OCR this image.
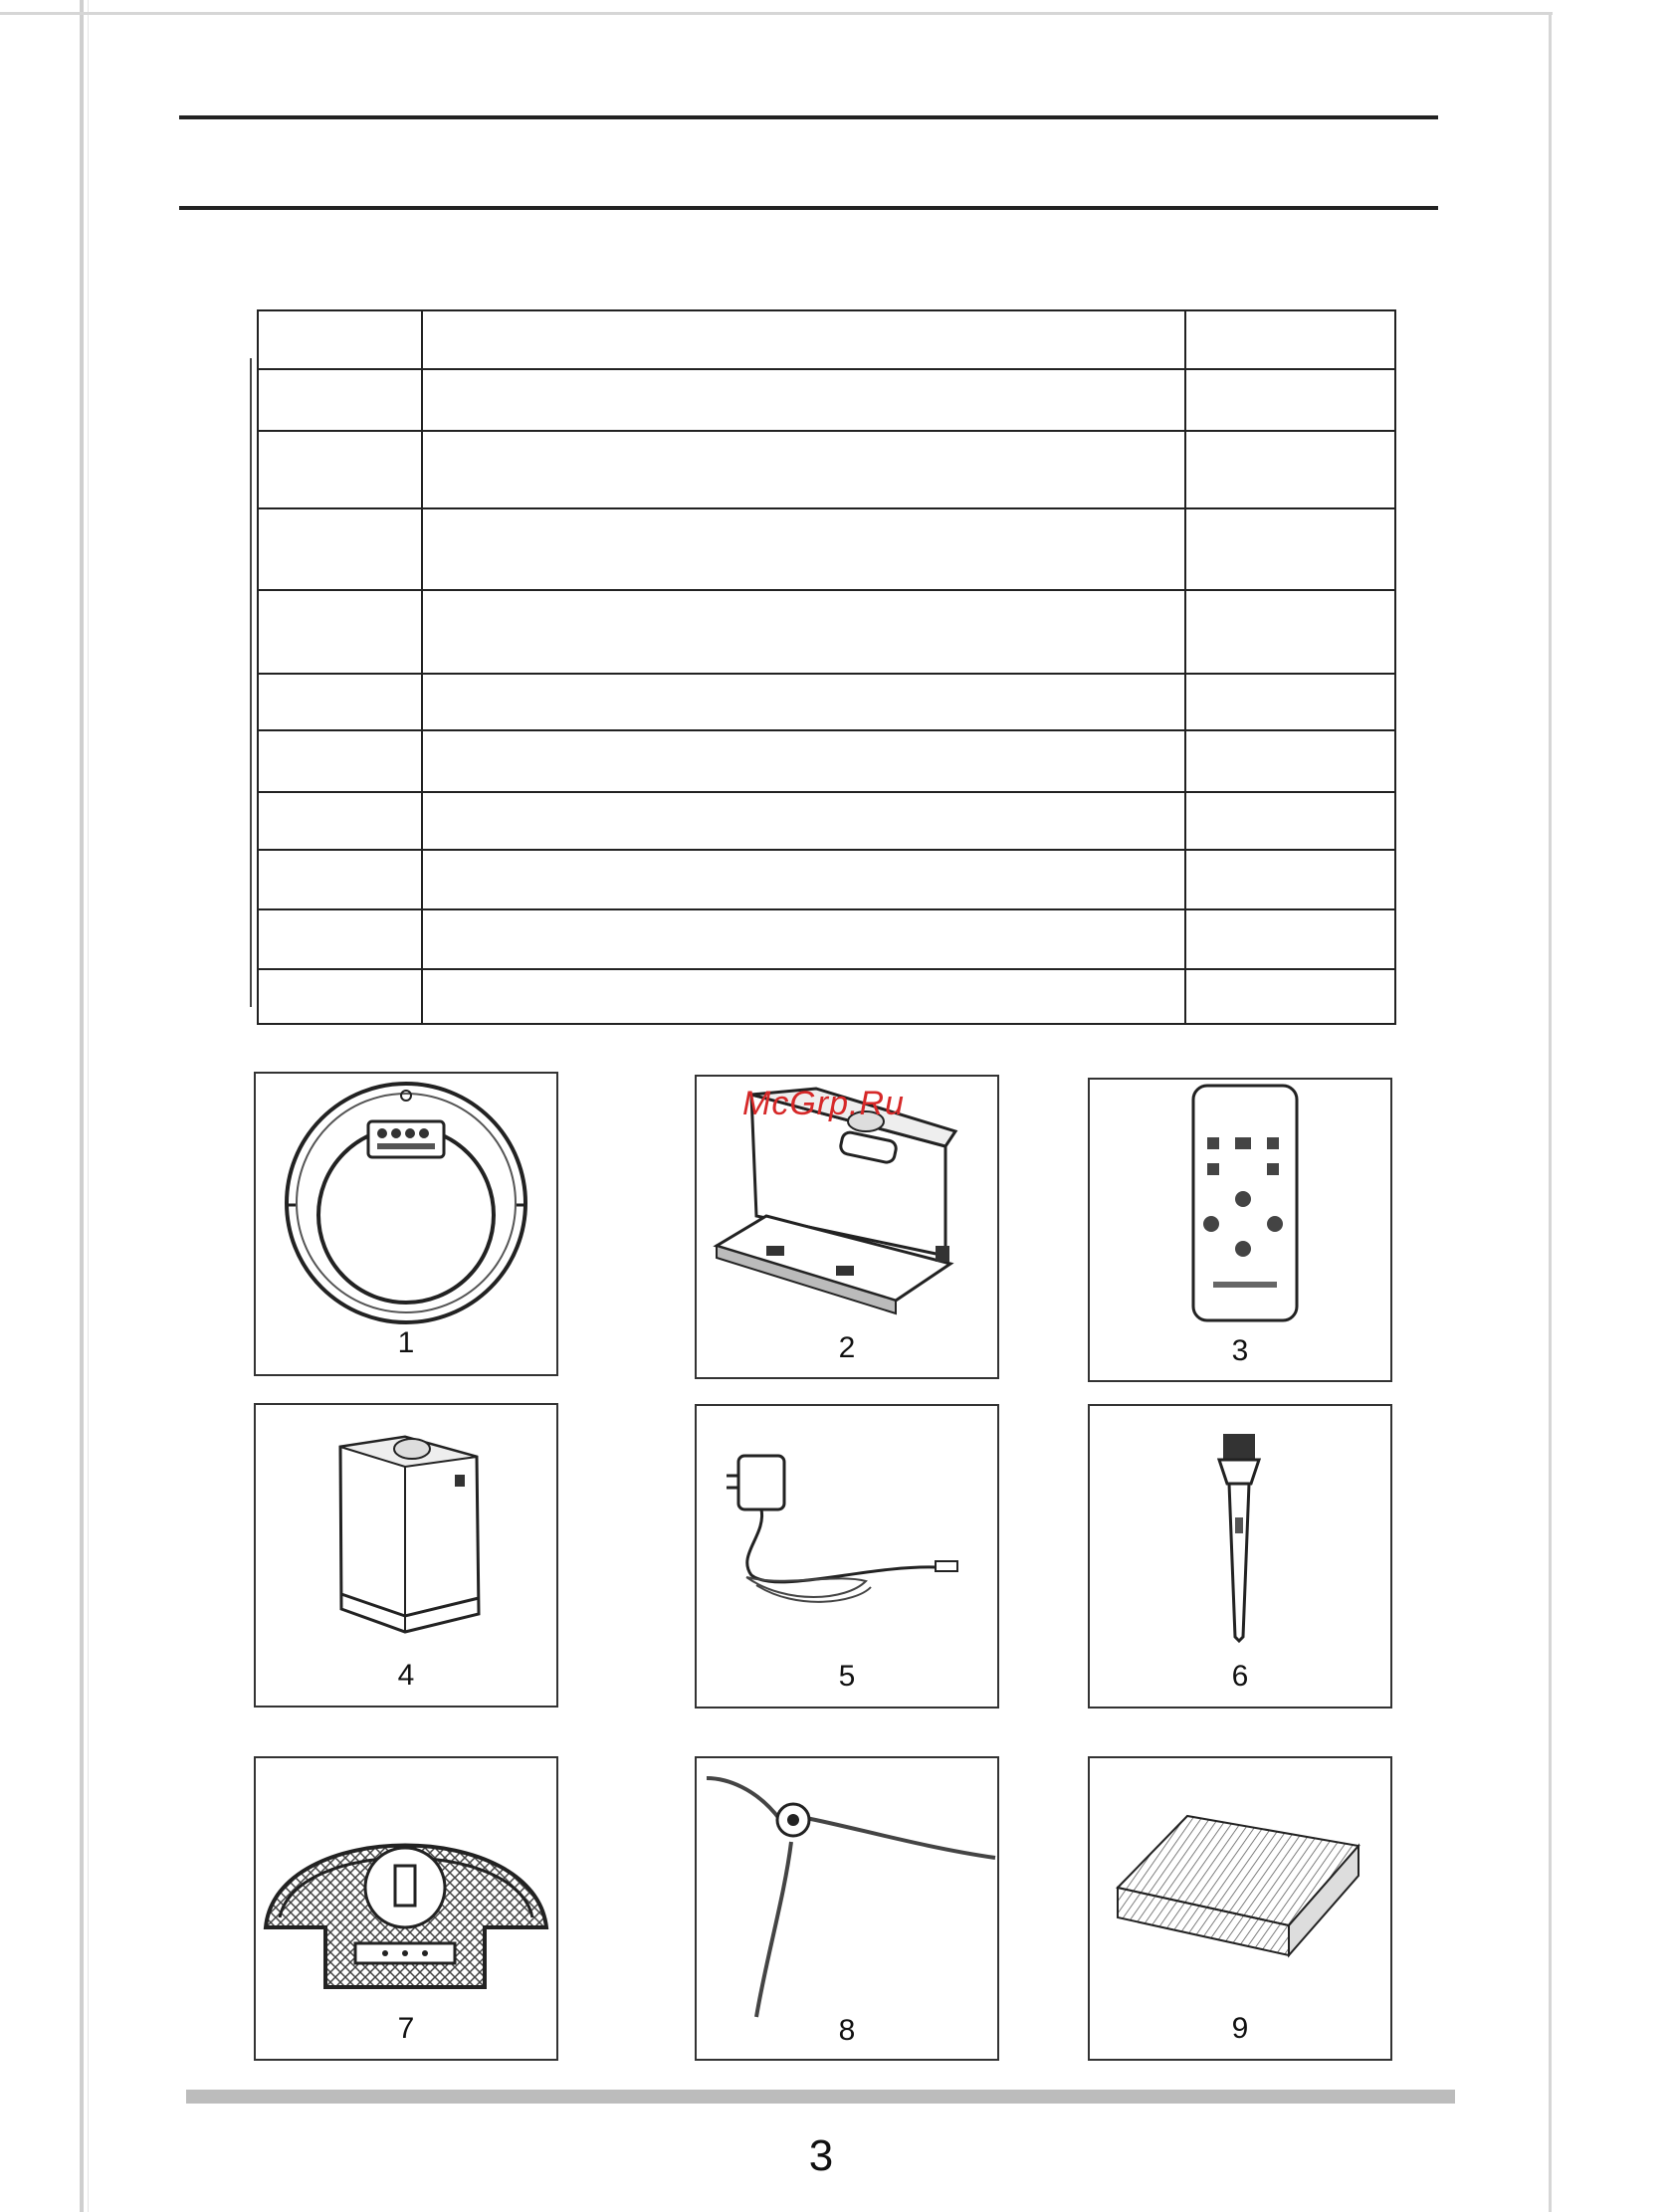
1	2	3
4	5	6
7	8	9
McGrp.Ru
3
